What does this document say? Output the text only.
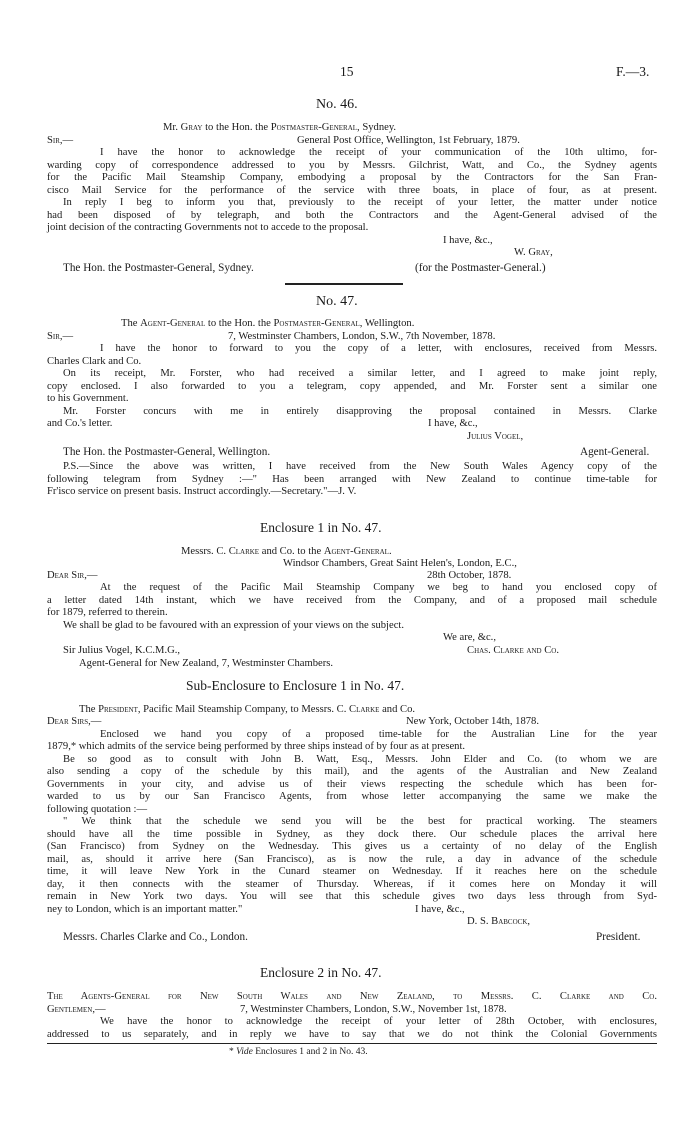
15	F.—3.
No. 46.
Mr. Gray to the Hon. the Postmaster-General, Sydney.
Sir,—	General Post Office, Wellington, 1st February, 1879.
I have the honor to acknowledge the receipt of your communication of the 10th ultimo, for-
warding copy of correspondence addressed to you by Messrs. Gilchrist, Watt, and Co., the Sydney agents
for the Pacific Mail Steamship Company, embodying a proposal by the Contractors for the San Fran-
cisco Mail Service for the performance of the service with three boats, in place of four, as at present.
In reply I beg to inform you that, previously to the receipt of your letter, the matter under notice
had been disposed of by telegraph, and both the Contractors and the Agent-General advised of the
joint decision of the contracting Governments not to accede to the proposal.
I have, &c.,
W. Gray,
The Hon. the Postmaster-General, Sydney.	(for the Postmaster-General.)
No. 47.
The Agent-General to the Hon. the Postmaster-General, Wellington.
Sir,—	7, Westminster Chambers, London, S.W., 7th November, 1878.
I have the honor to forward to you the copy of a letter, with enclosures, received from Messrs.
Charles Clark and Co.
On its receipt, Mr. Forster, who had received a similar letter, and I agreed to make joint reply,
copy enclosed. I also forwarded to you a telegram, copy appended, and Mr. Forster sent a similar one
to his Government.
Mr. Forster concurs with me in entirely disapproving the proposal contained in Messrs. Clarke
and Co.'s letter.	I have, &c.,
Julius Vogel,
The Hon. the Postmaster-General, Wellington.	Agent-General.
P.S.—Since the above was written, I have received from the New South Wales Agency copy of the
following telegram from Sydney :—" Has been arranged with New Zealand to continue time-table for
Fr'isco service on present basis. Instruct accordingly.—Secretary."—J. V.
Enclosure 1 in No. 47.
Messrs. C. Clarke and Co. to the Agent-General.
Windsor Chambers, Great Saint Helen's, London, E.C.,
Dear Sir,—	28th October, 1878.
At the request of the Pacific Mail Steamship Company we beg to hand you enclosed copy of
a letter dated 14th instant, which we have received from the Company, and of a proposed mail schedule
for 1879, referred to therein.
We shall be glad to be favoured with an expression of your views on the subject.
We are, &c.,
Sir Julius Vogel, K.C.M.G.,	Chas. Clarke and Co.
Agent-General for New Zealand, 7, Westminster Chambers.
Sub-Enclosure to Enclosure 1 in No. 47.
The President, Pacific Mail Steamship Company, to Messrs. C. Clarke and Co.
Dear Sirs,—	New York, October 14th, 1878.
Enclosed we hand you copy of a proposed time-table for the Australian Line for the year
1879,* which admits of the service being performed by three ships instead of by four as at present.
Be so good as to consult with John B. Watt, Esq., Messrs. John Elder and Co. (to whom we are
also sending a copy of the schedule by this mail), and the agents of the Australian and New Zealand
Governments in your city, and advise us of their views respecting the schedule which has been for-
warded to us by our San Francisco Agents, from whose letter accompanying the same we make the
following quotation :—
" We think that the schedule we send you will be the best for practical working. The steamers
should have all the time possible in Sydney, as they dock there. Our schedule places the arrival here
(San Francisco) from Sydney on the Wednesday. This gives us a certainty of no delay of the English
mail, as, should it arrive here (San Francisco), as is now the rule, a day in advance of the schedule
time, it will leave New York in the Cunard steamer on Wednesday. If it reaches here on the schedule
day, it then connects with the steamer of Thursday. Whereas, if it comes here on Monday it will
remain in New York two days. You will see that this schedule gives two days less through from Syd-
ney to London, which is an important matter."	I have, &c.,
D. S. Babcock,
Messrs. Charles Clarke and Co., London.	President.
Enclosure 2 in No. 47.
The Agents-General for New South Wales and New Zealand, to Messrs. C. Clarke and Co.
Gentlemen,—	7, Westminster Chambers, London, S.W., November 1st, 1878.
We have the honor to acknowledge the receipt of your letter of 28th October, with enclosures,
addressed to us separately, and in reply we have to say that we do not think the Colonial Governments
* Vide Enclosures 1 and 2 in No. 43.
